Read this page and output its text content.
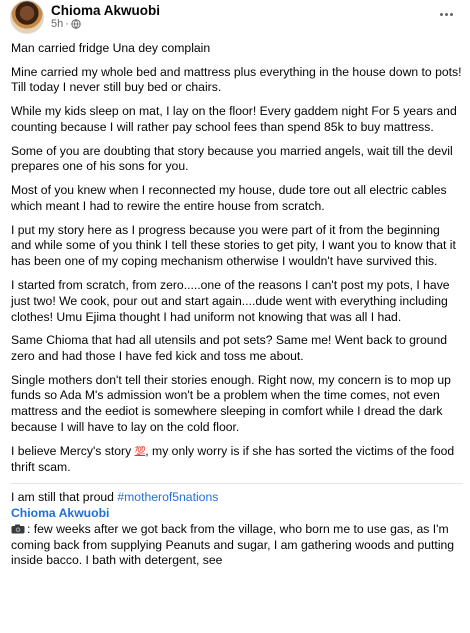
Chioma Akwuobi
5h ·

Man carried fridge Una dey complain

Mine carried my whole bed and mattress plus everything in the house down to pots! Till today I never still buy bed or chairs.

While my kids sleep on mat, I lay on the floor! Every gaddem night For 5 years and counting because I will rather pay school fees than spend 85k to buy mattress.

Some of you are doubting that story because you married angels, wait till the devil prepares one of his sons for you.

Most of you knew when I reconnected my house, dude tore out all electric cables which meant I had to rewire the entire house from scratch.

I put my story here as I progress because you were part of it from the beginning and while some of you think I tell these stories to get pity, I want you to know that it has been one of my coping mechanism otherwise I wouldn't have survived this.

I started from scratch, from zero.....one of the reasons I can't post my pots, I have just two! We cook, pour out and start again....dude went with everything including clothes! Umu Ejima thought I had uniform not knowing that was all I had.

Same Chioma that had all utensils and pot sets? Same me! Went back to ground zero and had those I have fed kick and toss me about.

Single mothers don't tell their stories enough. Right now, my concern is to mop up funds so Ada M's admission won't be a problem when the time comes, not even mattress and the eediot is somewhere sleeping in comfort while I dread the dark because I will have to lay on the cold floor.

I believe Mercy's story 💯, my only worry is if she has sorted the victims of the food thrift scam.

I am still that proud #motherof5nations
Chioma Akwuobi
: few weeks after we got back from the village, who born me to use gas, as I'm coming back from supplying Peanuts and sugar, I am gathering woods and putting inside bacco. I bath with detergent, see
